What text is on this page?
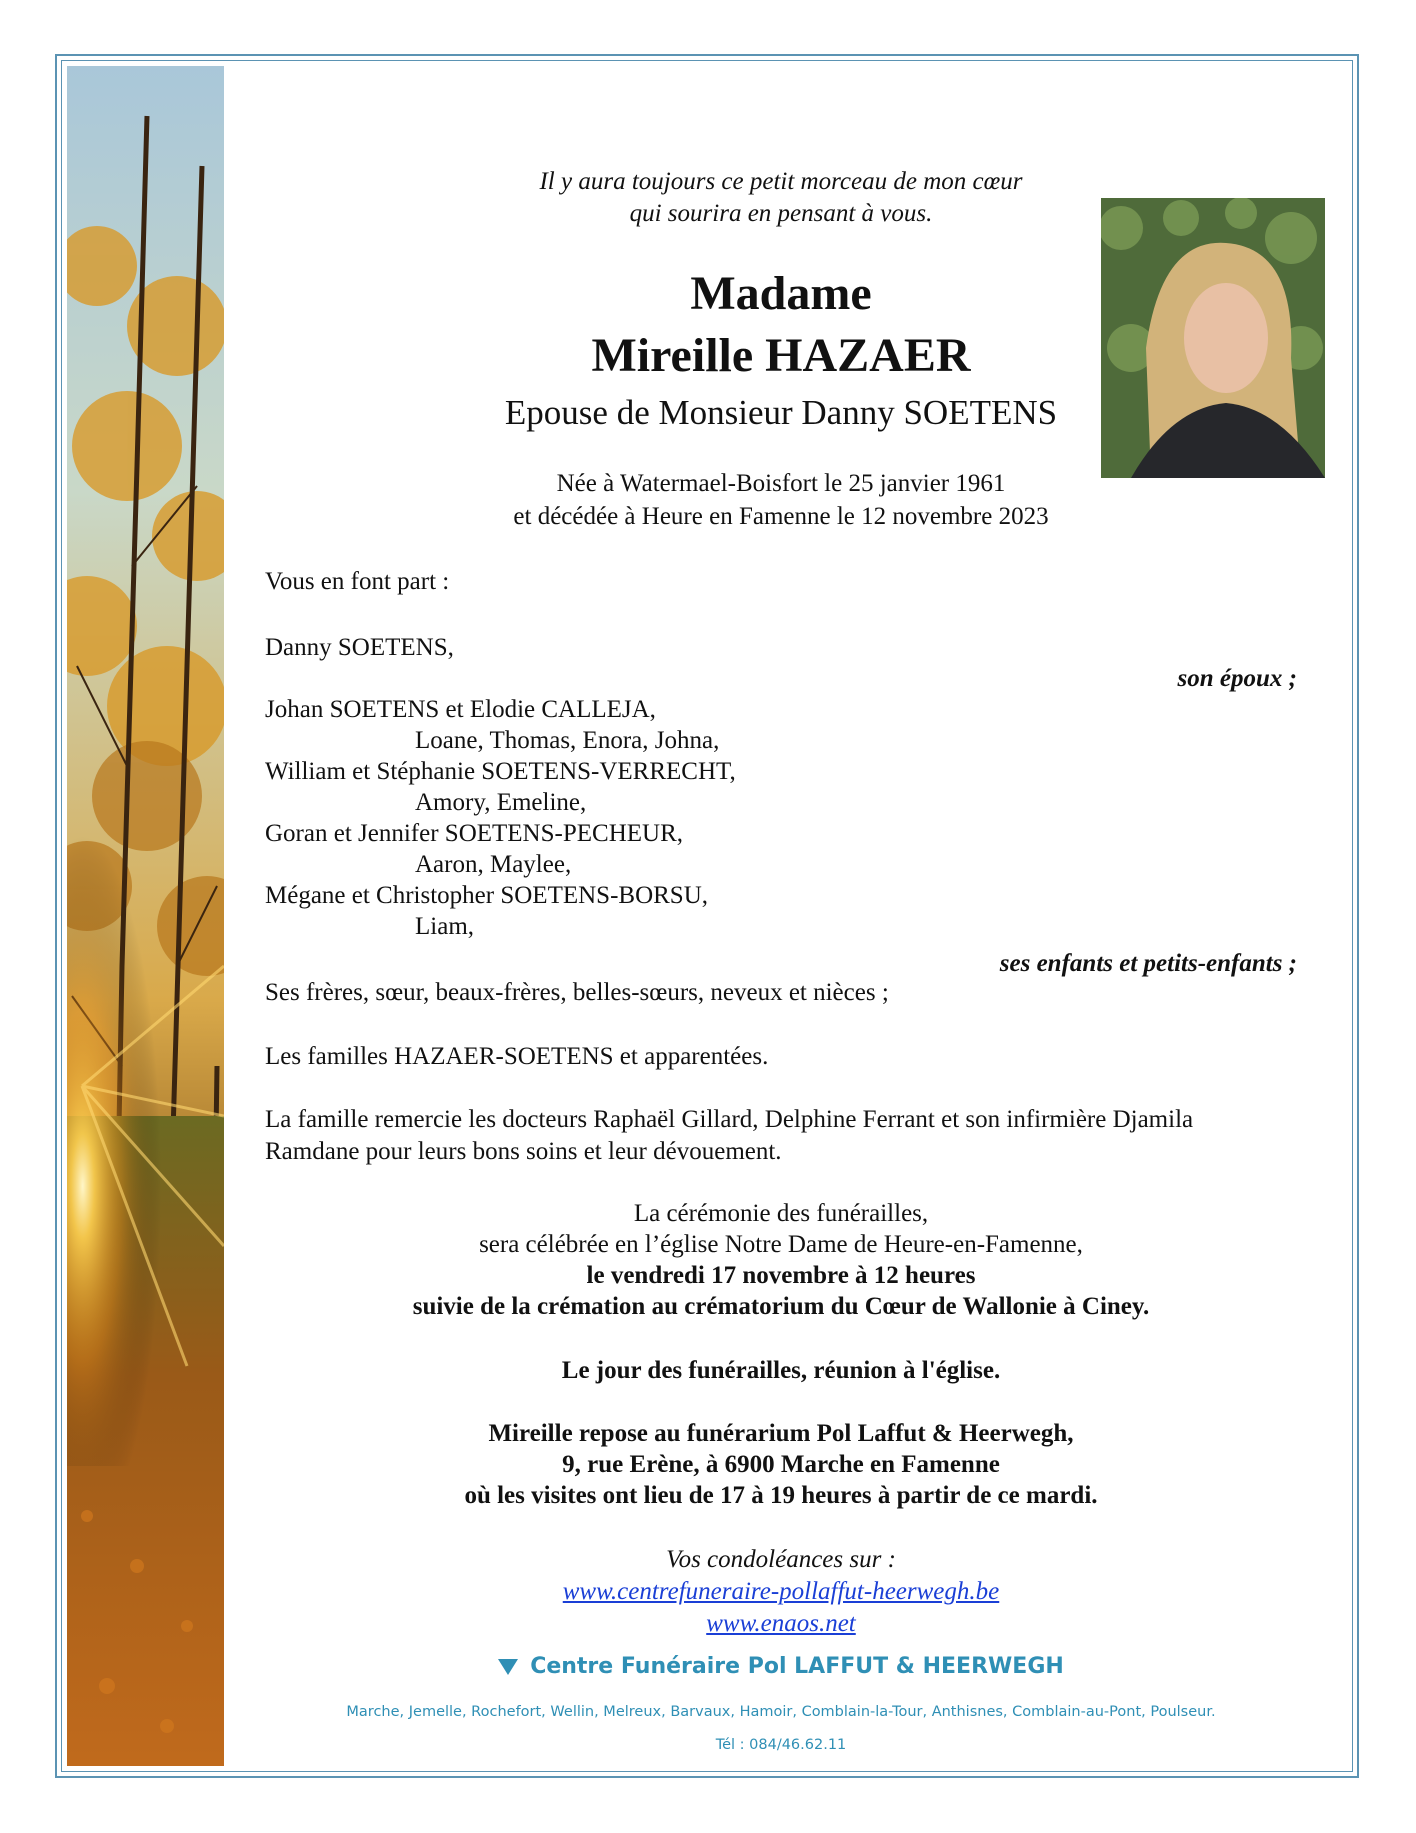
Il y aura toujours ce petit morceau de mon cœur
qui sourira en pensant à vous.
Madame
Mireille HAZAER
Epouse de Monsieur Danny SOETENS
Née à Watermael-Boisfort le 25 janvier 1961
et décédée à Heure en Famenne le 12 novembre 2023
Vous en font part :
Danny SOETENS,
son époux ;
Johan SOETENS et Elodie CALLEJA,
Loane, Thomas, Enora, Johna,
William et Stéphanie SOETENS-VERRECHT,
Amory, Emeline,
Goran et Jennifer SOETENS-PECHEUR,
Aaron, Maylee,
Mégane et Christopher SOETENS-BORSU,
Liam,
ses enfants et petits-enfants ;
Ses frères, sœur, beaux-frères, belles-sœurs, neveux et nièces ;
Les familles HAZAER-SOETENS et apparentées.
La famille remercie les docteurs Raphaël Gillard, Delphine Ferrant et son infirmière Djamila
Ramdane pour leurs bons soins et leur dévouement.
La cérémonie des funérailles,
sera célébrée en l’église Notre Dame de Heure-en-Famenne,
le vendredi 17 novembre à 12 heures
suivie de la crémation au crématorium du Cœur de Wallonie à Ciney.
Le jour des funérailles, réunion à l'église.
Mireille repose au funérarium Pol Laffut & Heerwegh,
9, rue Erène, à 6900 Marche en Famenne
où les visites ont lieu de 17 à 19 heures à partir de ce mardi.
Vos condoléances sur :
www.centrefuneraire-pollaffut-heerwegh.be
www.enaos.net
Centre Funéraire Pol LAFFUT & HEERWEGH
Marche, Jemelle, Rochefort, Wellin, Melreux, Barvaux, Hamoir, Comblain-la-Tour, Anthisnes, Comblain-au-Pont, Poulseur.
Tél : 084/46.62.11
